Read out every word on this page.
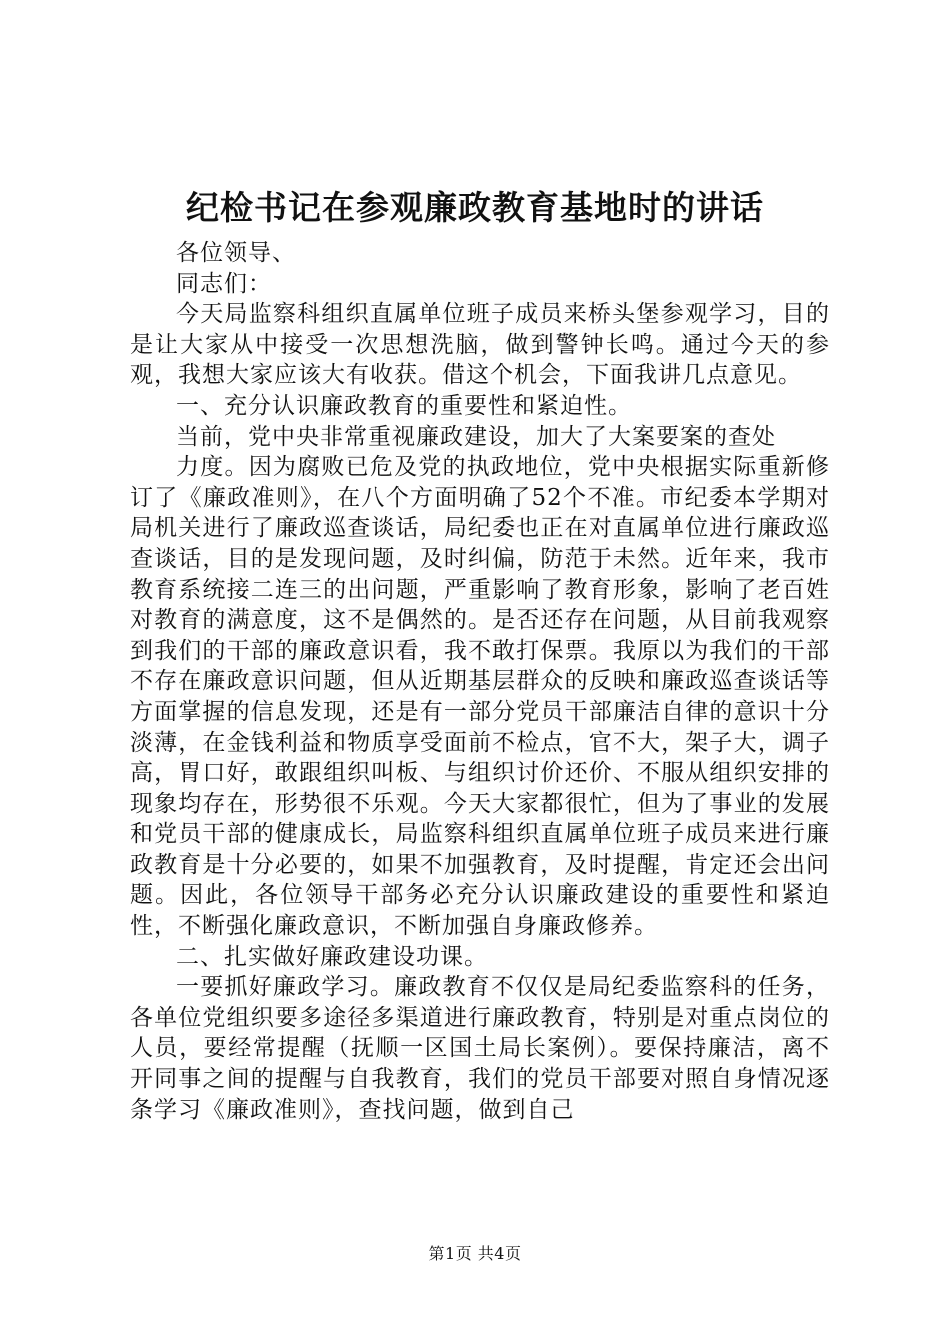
纪检书记在参观廉政教育基地时的讲话

各位领导、

同志们：

今天局监察科组织直属单位班子成员来桥头堡参观学习，目的是让大家从中接受一次思想洗脑，做到警钟长鸣。通过今天的参观，我想大家应该大有收获。借这个机会，下面我讲几点意见。

一、充分认识廉政教育的重要性和紧迫性。

当前，党中央非常重视廉政建设，加大了大案要案的查处

力度。因为腐败已危及党的执政地位，党中央根据实际重新修订了《廉政准则》，在八个方面明确了52个不准。市纪委本学期对局机关进行了廉政巡查谈话，局纪委也正在对直属单位进行廉政巡查谈话，目的是发现问题，及时纠偏，防范于未然。近年来，我市教育系统接二连三的出问题，严重影响了教育形象，影响了老百姓对教育的满意度，这不是偶然的。是否还存在问题，从目前我观察到我们的干部的廉政意识看，我不敢打保票。我原以为我们的干部不存在廉政意识问题，但从近期基层群众的反映和廉政巡查谈话等方面掌握的信息发现，还是有一部分党员干部廉洁自律的意识十分淡薄，在金钱利益和物质享受面前不检点，官不大，架子大，调子高，胃口好，敢跟组织叫板、与组织讨价还价、不服从组织安排的现象均存在，形势很不乐观。今天大家都很忙，但为了事业的发展和党员干部的健康成长，局监察科组织直属单位班子成员来进行廉政教育是十分必要的，如果不加强教育，及时提醒，肯定还会出问题。因此，各位领导干部务必充分认识廉政建设的重要性和紧迫性，不断强化廉政意识，不断加强自身廉政修养。

二、扎实做好廉政建设功课。

一要抓好廉政学习。廉政教育不仅仅是局纪委监察科的任务，各单位党组织要多途径多渠道进行廉政教育，特别是对重点岗位的人员，要经常提醒（抚顺一区国土局长案例）。要保持廉洁，离不开同事之间的提醒与自我教育，我们的党员干部要对照自身情况逐条学习《廉政准则》，查找问题，做到自己

第1页 共4页
